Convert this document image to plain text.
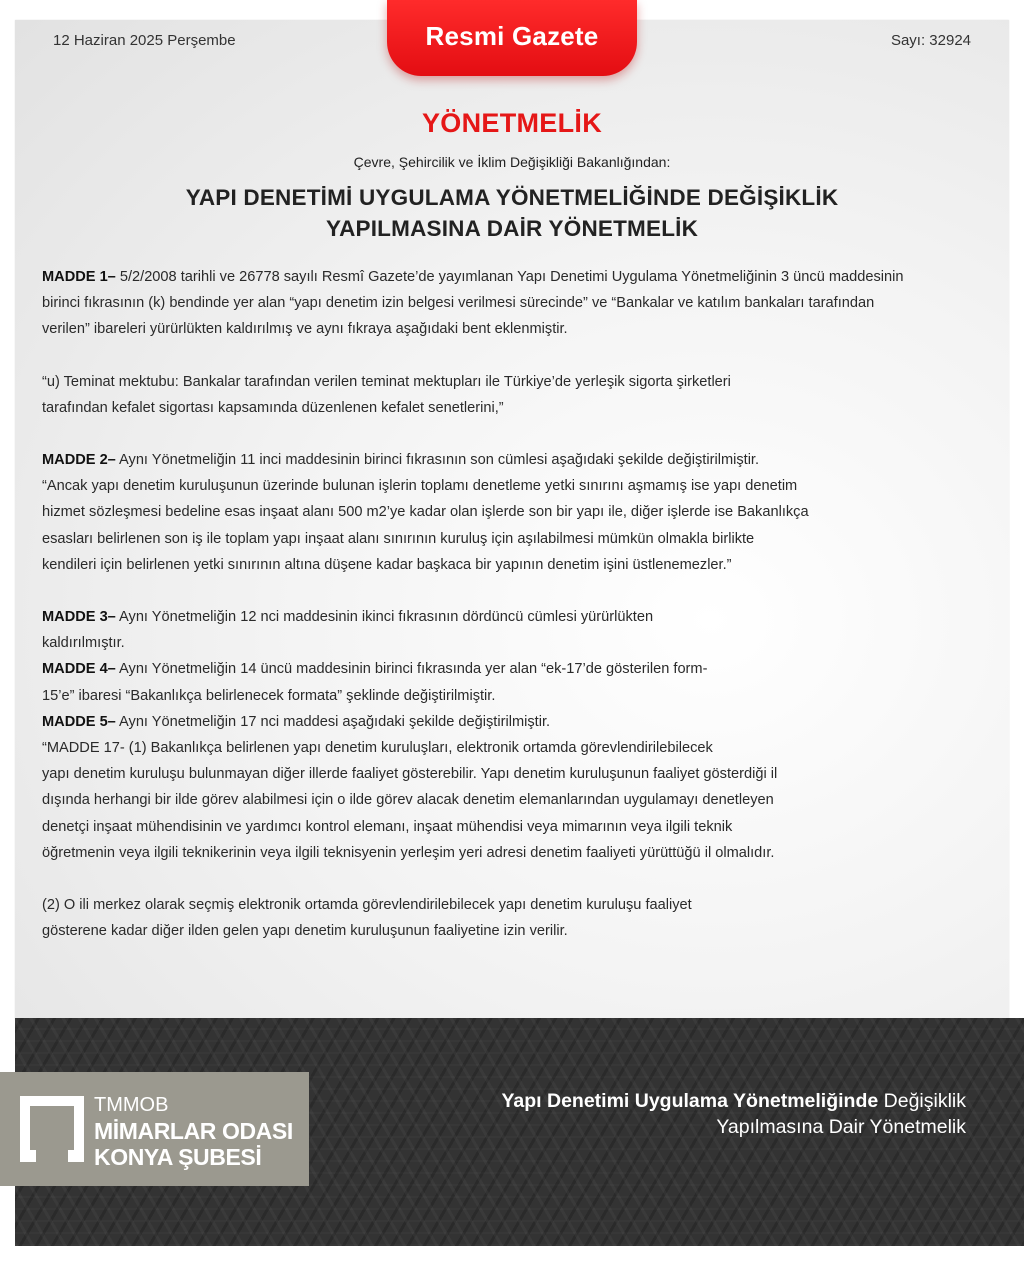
12 Haziran 2025 Perşembe	Resmi Gazete	Sayı: 32924
YÖNETMELİK
Çevre, Şehircilik ve İklim Değişikliği Bakanlığından:
YAPI DENETİMİ UYGULAMA YÖNETMELİĞİNDE DEĞİŞİKLİK
YAPILMASINA DAİR YÖNETMELİK

MADDE 1– 5/2/2008 tarihli ve 26778 sayılı Resmî Gazete’de yayımlanan Yapı Denetimi Uygulama Yönetmeliğinin 3 üncü maddesinin

birinci fıkrasının (k) bendinde yer alan “yapı denetim izin belgesi verilmesi sürecinde” ve “Bankalar ve katılım bankaları tarafından

verilen” ibareleri yürürlükten kaldırılmış ve aynı fıkraya aşağıdaki bent eklenmiştir.

“u) Teminat mektubu: Bankalar tarafından verilen teminat mektupları ile Türkiye’de yerleşik sigorta şirketleri

tarafından kefalet sigortası kapsamında düzenlenen kefalet senetlerini,”

MADDE 2– Aynı Yönetmeliğin 11 inci maddesinin birinci fıkrasının son cümlesi aşağıdaki şekilde değiştirilmiştir.

“Ancak yapı denetim kuruluşunun üzerinde bulunan işlerin toplamı denetleme yetki sınırını aşmamış ise yapı denetim

hizmet sözleşmesi bedeline esas inşaat alanı 500 m2’ye kadar olan işlerde son bir yapı ile, diğer işlerde ise Bakanlıkça

esasları belirlenen son iş ile toplam yapı inşaat alanı sınırının kuruluş için aşılabilmesi mümkün olmakla birlikte

kendileri için belirlenen yetki sınırının altına düşene kadar başkaca bir yapının denetim işini üstlenemezler.”

MADDE 3– Aynı Yönetmeliğin 12 nci maddesinin ikinci fıkrasının dördüncü cümlesi yürürlükten

kaldırılmıştır.

MADDE 4– Aynı Yönetmeliğin 14 üncü maddesinin birinci fıkrasında yer alan “ek-17’de gösterilen form-

15’e” ibaresi “Bakanlıkça belirlenecek formata” şeklinde değiştirilmiştir.

MADDE 5– Aynı Yönetmeliğin 17 nci maddesi aşağıdaki şekilde değiştirilmiştir.

“MADDE 17- (1) Bakanlıkça belirlenen yapı denetim kuruluşları, elektronik ortamda görevlendirilebilecek

yapı denetim kuruluşu bulunmayan diğer illerde faaliyet gösterebilir. Yapı denetim kuruluşunun faaliyet gösterdiği il

dışında herhangi bir ilde görev alabilmesi için o ilde görev alacak denetim elemanlarından uygulamayı denetleyen

denetçi inşaat mühendisinin ve yardımcı kontrol elemanı, inşaat mühendisi veya mimarının veya ilgili teknik

öğretmenin veya ilgili teknikerinin veya ilgili teknisyenin yerleşim yeri adresi denetim faaliyeti yürüttüğü il olmalıdır.

(2) O ili merkez olarak seçmiş elektronik ortamda görevlendirilebilecek yapı denetim kuruluşu faaliyet

gösterene kadar diğer ilden gelen yapı denetim kuruluşunun faaliyetine izin verilir.

TMMOB
MİMARLAR ODASI
KONYA ŞUBESİ
Yapı Denetimi Uygulama Yönetmeliğinde Değişiklik
Yapılmasına Dair Yönetmelik
